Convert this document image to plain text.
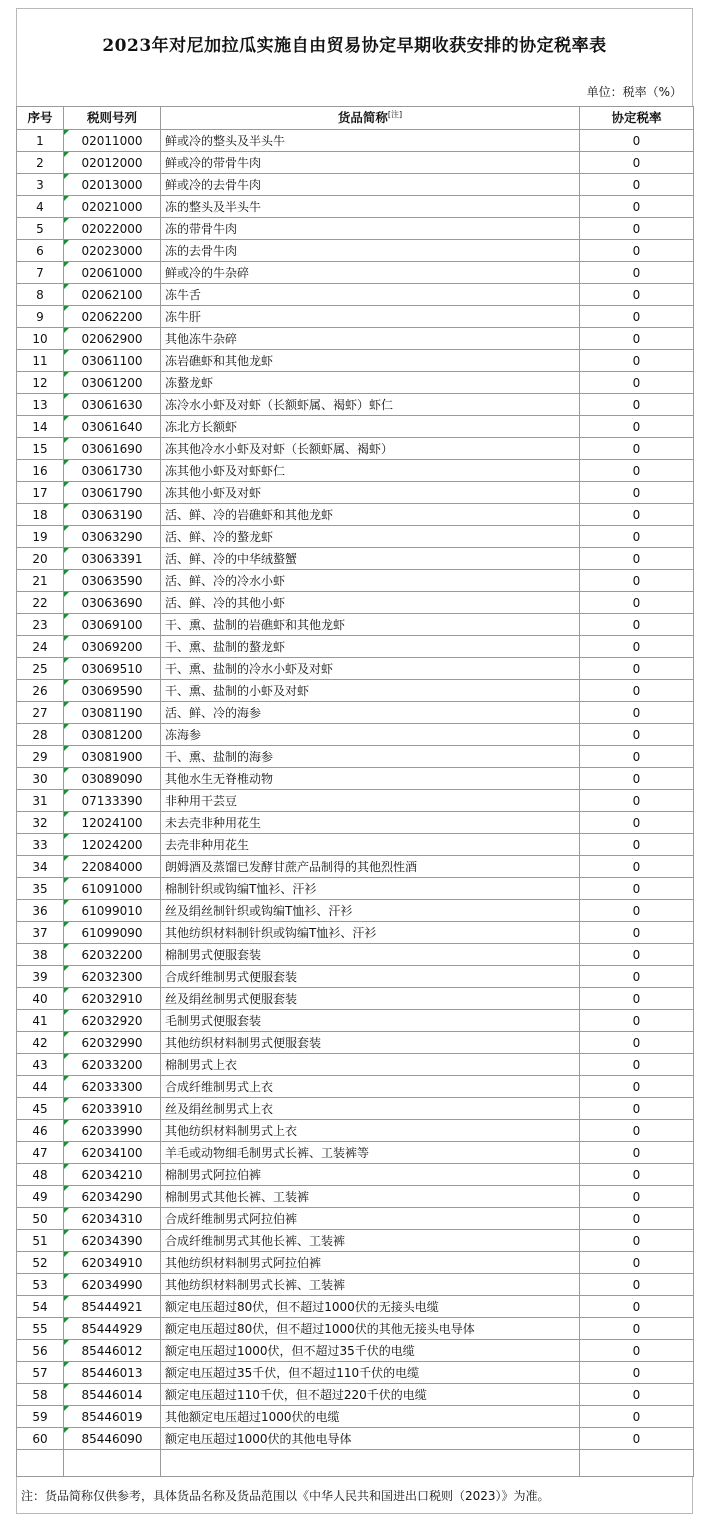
2023年对尼加拉瓜实施自由贸易协定早期收获安排的协定税率表
单位：税率（%）
序号	税则号列	货品简称[注]	协定税率
1	02011000	鲜或冷的整头及半头牛	0
2	02012000	鲜或冷的带骨牛肉	0
3	02013000	鲜或冷的去骨牛肉	0
4	02021000	冻的整头及半头牛	0
5	02022000	冻的带骨牛肉	0
6	02023000	冻的去骨牛肉	0
7	02061000	鲜或冷的牛杂碎	0
8	02062100	冻牛舌	0
9	02062200	冻牛肝	0
10	02062900	其他冻牛杂碎	0
11	03061100	冻岩礁虾和其他龙虾	0
12	03061200	冻螯龙虾	0
13	03061630	冻冷水小虾及对虾（长额虾属、褐虾）虾仁	0
14	03061640	冻北方长额虾	0
15	03061690	冻其他冷水小虾及对虾（长额虾属、褐虾）	0
16	03061730	冻其他小虾及对虾虾仁	0
17	03061790	冻其他小虾及对虾	0
18	03063190	活、鲜、冷的岩礁虾和其他龙虾	0
19	03063290	活、鲜、冷的螯龙虾	0
20	03063391	活、鲜、冷的中华绒螯蟹	0
21	03063590	活、鲜、冷的冷水小虾	0
22	03063690	活、鲜、冷的其他小虾	0
23	03069100	干、熏、盐制的岩礁虾和其他龙虾	0
24	03069200	干、熏、盐制的螯龙虾	0
25	03069510	干、熏、盐制的冷水小虾及对虾	0
26	03069590	干、熏、盐制的小虾及对虾	0
27	03081190	活、鲜、冷的海参	0
28	03081200	冻海参	0
29	03081900	干、熏、盐制的海参	0
30	03089090	其他水生无脊椎动物	0
31	07133390	非种用干芸豆	0
32	12024100	未去壳非种用花生	0
33	12024200	去壳非种用花生	0
34	22084000	朗姆酒及蒸馏已发酵甘蔗产品制得的其他烈性酒	0
35	61091000	棉制针织或钩编T恤衫、汗衫	0
36	61099010	丝及绢丝制针织或钩编T恤衫、汗衫	0
37	61099090	其他纺织材料制针织或钩编T恤衫、汗衫	0
38	62032200	棉制男式便服套装	0
39	62032300	合成纤维制男式便服套装	0
40	62032910	丝及绢丝制男式便服套装	0
41	62032920	毛制男式便服套装	0
42	62032990	其他纺织材料制男式便服套装	0
43	62033200	棉制男式上衣	0
44	62033300	合成纤维制男式上衣	0
45	62033910	丝及绢丝制男式上衣	0
46	62033990	其他纺织材料制男式上衣	0
47	62034100	羊毛或动物细毛制男式长裤、工装裤等	0
48	62034210	棉制男式阿拉伯裤	0
49	62034290	棉制男式其他长裤、工装裤	0
50	62034310	合成纤维制男式阿拉伯裤	0
51	62034390	合成纤维制男式其他长裤、工装裤	0
52	62034910	其他纺织材料制男式阿拉伯裤	0
53	62034990	其他纺织材料制男式长裤、工装裤	0
54	85444921	额定电压超过80伏，但不超过1000伏的无接头电缆	0
55	85444929	额定电压超过80伏，但不超过1000伏的其他无接头电导体	0
56	85446012	额定电压超过1000伏，但不超过35千伏的电缆	0
57	85446013	额定电压超过35千伏，但不超过110千伏的电缆	0
58	85446014	额定电压超过110千伏，但不超过220千伏的电缆	0
59	85446019	其他额定电压超过1000伏的电缆	0
60	85446090	额定电压超过1000伏的其他电导体	0

注：货品简称仅供参考，具体货品名称及货品范围以《中华人民共和国进出口税则（2023）》为准。
